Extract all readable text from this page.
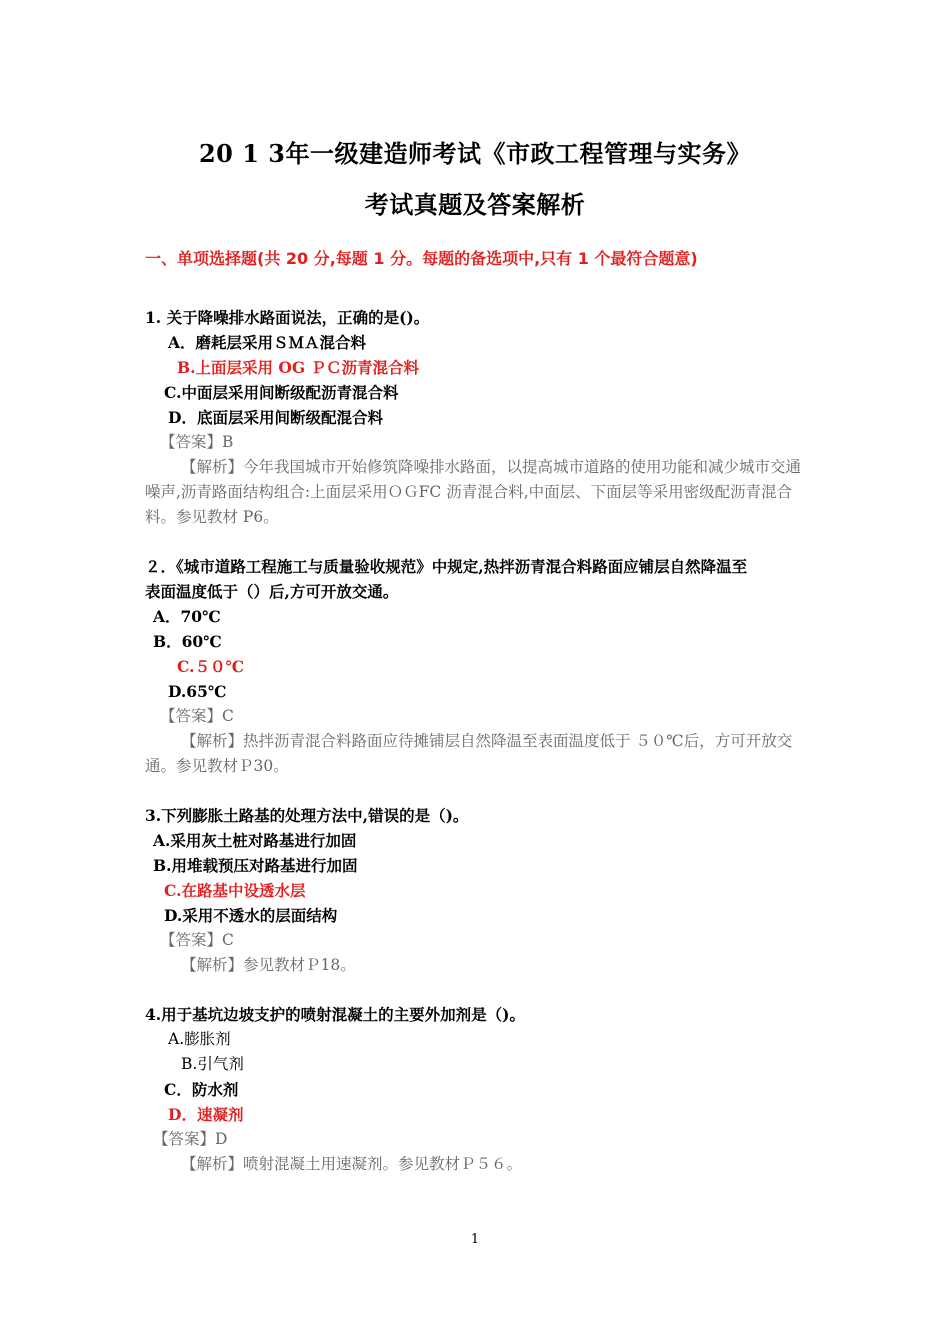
20 1 3年一级建造师考试《市政工程管理与实务》
考试真题及答案解析
一、单项选择题(共 20 分,每题 1 分。每题的备选项中,只有 1 个最符合题意)
1. 关于降噪排水路面说法，正确的是()。
A．磨耗层采用ＳＭＡ混合料
B.上面层采用 OG ＰＣ沥青混合料
C.中面层采用间断级配沥青混合料
D．底面层采用间断级配混合料
【答案】B
【解析】今年我国城市开始修筑降噪排水路面，以提高城市道路的使用功能和减少城市交通噪声,沥青路面结构组合:上面层采用ＯＧFC 沥青混合料,中面层、下面层等采用密级配沥青混合料。参见教材 P6。
２．《城市道路工程施工与质量验收规范》中规定,热拌沥青混合料路面应铺层自然降温至
表面温度低于（）后,方可开放交通。
A．70℃
B．60℃
C.５０℃
D.65℃
【答案】C
【解析】热拌沥青混合料路面应待摊铺层自然降温至表面温度低于 ５０℃后，方可开放交通。参见教材Ｐ30。
3.下列膨胀土路基的处理方法中,错误的是（)。
A.采用灰土桩对路基进行加固
B.用堆载预压对路基进行加固
C.在路基中设透水层
D.采用不透水的层面结构
【答案】C
【解析】参见教材Ｐ18。
4.用于基坑边坡支护的喷射混凝土的主要外加剂是（)。
A.膨胀剂
B.引气剂
C．防水剂
D．速凝剂
【答案】D
【解析】喷射混凝土用速凝剂。参见教材Ｐ５６。
1
